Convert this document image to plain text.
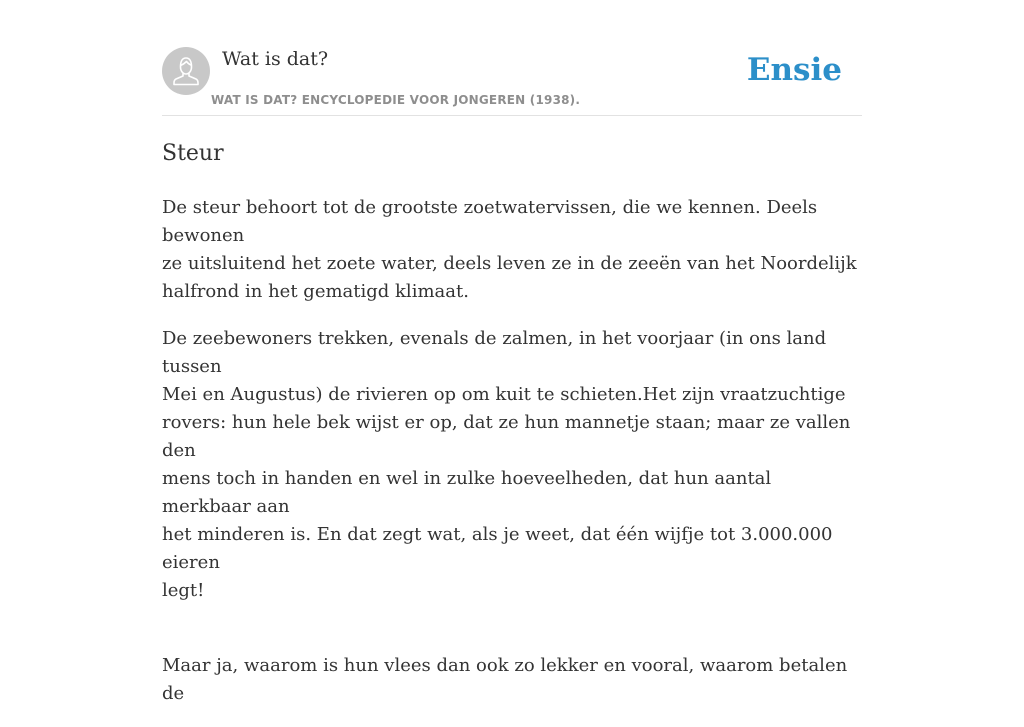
Wat is dat?
WAT IS DAT? ENCYCLOPEDIE VOOR JONGEREN (1938).
Ensie
Steur

De steur behoort tot de grootste zoetwatervissen, die we kennen. Deels bewonen
ze uitsluitend het zoete water, deels leven ze in de zeeën van het Noordelijk
halfrond in het gematigd klimaat.

De zeebewoners trekken, evenals de zalmen, in het voorjaar (in ons land tussen
Mei en Augustus) de rivieren op om kuit te schieten.Het zijn vraatzuchtige
rovers: hun hele bek wijst er op, dat ze hun mannetje staan; maar ze vallen den
mens toch in handen en wel in zulke hoeveelheden, dat hun aantal merkbaar aan
het minderen is. En dat zegt wat, als je weet, dat één wijfje tot 3.000.000 eieren
legt!

Maar ja, waarom is hun vlees dan ook zo lekker en vooral, waarom betalen de
